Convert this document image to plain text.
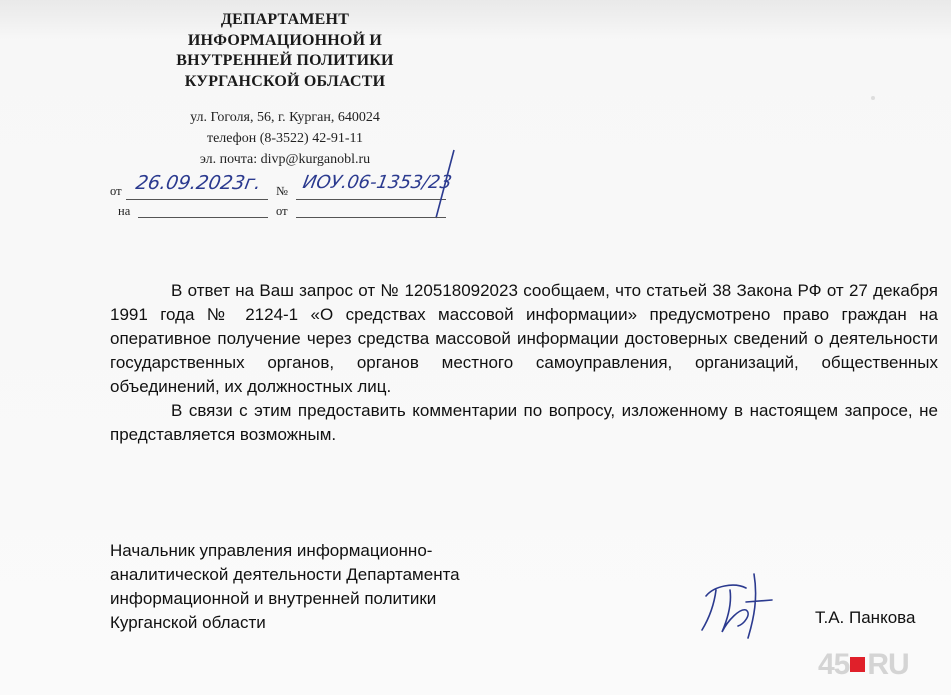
ДЕПАРТАМЕНТ
ИНФОРМАЦИОННОЙ И
ВНУТРЕННЕЙ ПОЛИТИКИ
КУРГАНСКОЙ ОБЛАСТИ
ул. Гоголя, 56, г. Курган, 640024
телефон (8-3522) 42-91-11
эл. почта: divp@kurganobl.ru
от 26.09.2023г. № ИОУ.06-1353/23
на	от

В ответ на Ваш запрос от № 120518092023 сообщаем, что статьей 38 Закона РФ от 27 декабря 1991 года № 2124-1 «О средствах массовой информации» предусмотрено право граждан на оперативное получение через средства массовой информации достоверных сведений о деятельности государственных органов, органов местного самоуправления, организаций, общественных объединений, их должностных лиц.

В связи с этим предоставить комментарии по вопросу, изложенному в настоящем запросе, не представляется возможным.

Начальник управления информационно-
аналитической деятельности Департамента
информационной и внутренней политики
Курганской области	Т.А. Панкова
45 RU
